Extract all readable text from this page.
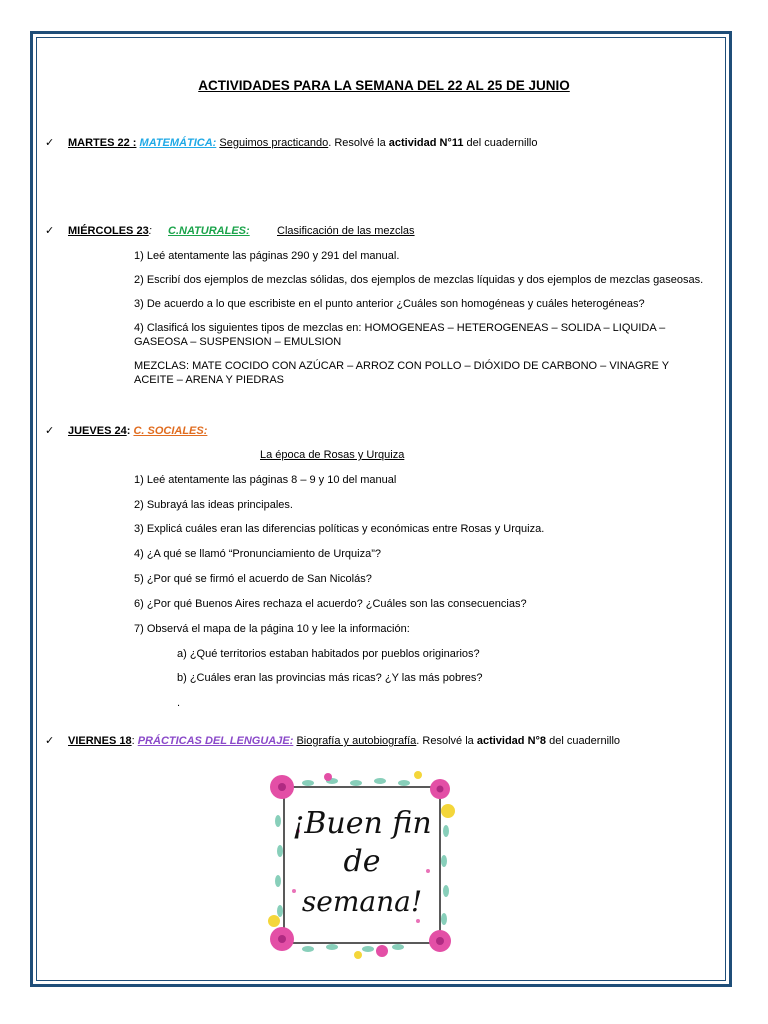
ACTIVIDADES PARA LA SEMANA DEL 22 AL 25 DE JUNIO
✓ MARTES 22 : MATEMÁTICA: Seguimos practicando. Resolvé la actividad N°11 del cuadernillo
✓ MIÉRCOLES 23: C.NATURALES: Clasificación de las mezclas
1) Leé atentamente las páginas 290 y 291 del manual.
2) Escribí dos ejemplos de mezclas sólidas, dos ejemplos de mezclas líquidas y dos ejemplos de mezclas gaseosas.
3) De acuerdo a lo que escribiste en el punto anterior ¿Cuáles son homogéneas y cuáles heterogéneas?
4) Clasificá los siguientes tipos de mezclas en: HOMOGENEAS – HETEROGENEAS – SOLIDA – LIQUIDA – GASEOSA – SUSPENSION – EMULSION
MEZCLAS: MATE COCIDO CON AZÚCAR – ARROZ CON POLLO – DIÓXIDO DE CARBONO – VINAGRE Y ACEITE – ARENA Y PIEDRAS
✓ JUEVES 24: C. SOCIALES:
La época de Rosas y Urquiza
1) Leé atentamente las páginas 8 – 9 y 10 del manual
2) Subrayá las ideas principales.
3) Explicá cuáles eran las diferencias políticas y económicas entre Rosas y Urquiza.
4) ¿A qué se llamó “Pronunciamiento de Urquiza”?
5) ¿Por qué se firmó el acuerdo de San Nicolás?
6) ¿Por qué Buenos Aires rechaza el acuerdo? ¿Cuáles son las consecuencias?
7) Observá el mapa de la página 10 y lee la información:
a) ¿Qué territorios estaban habitados por pueblos originarios?
b) ¿Cuáles eran las provincias más ricas? ¿Y las más pobres?
.
✓ VIERNES 18: PRÁCTICAS DEL LENGUAJE: Biografía y autobiografía. Resolvé la actividad N°8 del cuadernillo
¡Buen fin
de
semana!
